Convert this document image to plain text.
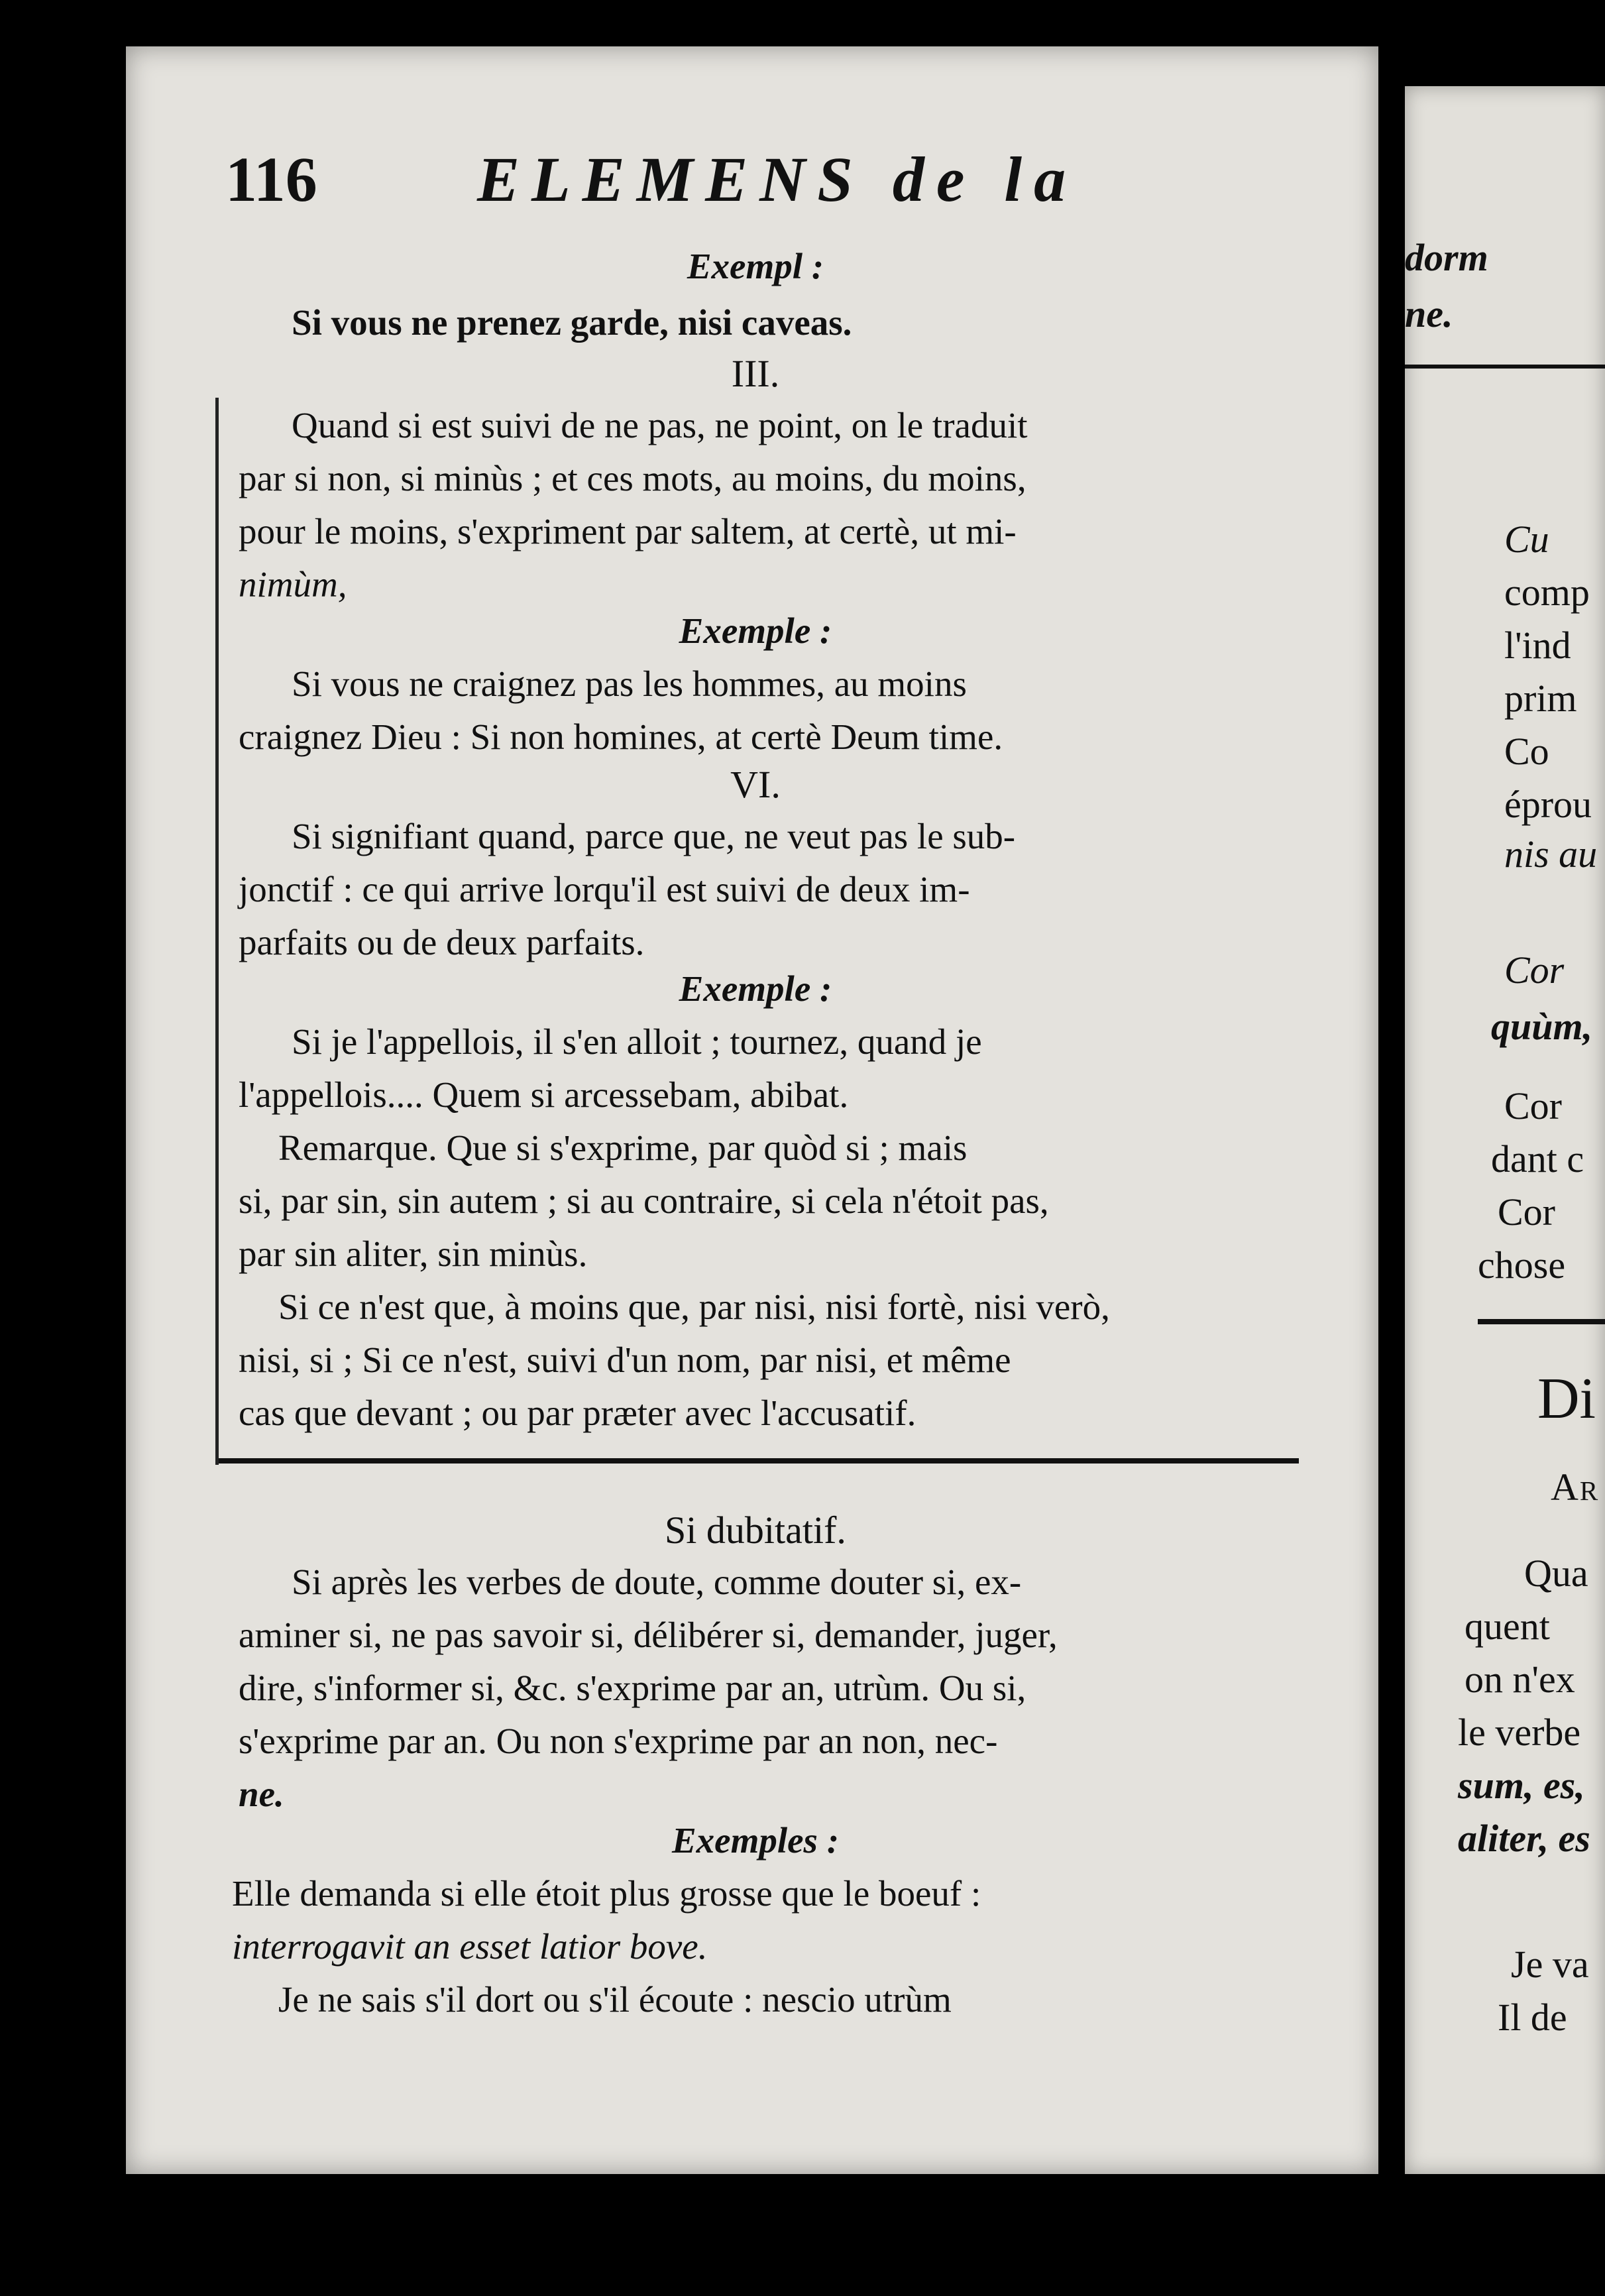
dorm
ne.
Cu
comp
l'ind
prim
Co
éprou
nis au
Cor
quùm,
Cor
dant c
Cor
chose
Di
Ar
Qua
quent
on n'ex
le verbe
sum, es,
aliter, es
Je va
Il de
116	ELEMENS de la
Exempl :
Si vous ne prenez garde, nisi caveas.
III.
Quand si est suivi de ne pas, ne point, on le traduit
par si non, si minùs ; et ces mots, au moins, du moins,
pour le moins, s'expriment par saltem, at certè, ut mi-
nimùm,
Exemple :
Si vous ne craignez pas les hommes, au moins
craignez Dieu : Si non homines, at certè Deum time.
VI.
Si signifiant quand, parce que, ne veut pas le sub-
jonctif : ce qui arrive lorqu'il est suivi de deux im-
parfaits ou de deux parfaits.
Exemple :
Si je l'appellois, il s'en alloit ; tournez, quand je
l'appellois.... Quem si arcessebam, abibat.
Remarque. Que si s'exprime, par quòd si ; mais
si, par sin, sin autem ; si au contraire, si cela n'étoit pas,
par sin aliter, sin minùs.
Si ce n'est que, à moins que, par nisi, nisi fortè, nisi verò,
nisi, si ; Si ce n'est, suivi d'un nom, par nisi, et même
cas que devant ; ou par præter avec l'accusatif.
Si dubitatif.
Si après les verbes de doute, comme douter si, ex-
aminer si, ne pas savoir si, délibérer si, demander, juger,
dire, s'informer si, &c. s'exprime par an, utrùm. Ou si,
s'exprime par an. Ou non s'exprime par an non, nec-
ne.
Exemples :
Elle demanda si elle étoit plus grosse que le boeuf :
interrogavit an esset latior bove.
Je ne sais s'il dort ou s'il écoute : nescio utrùm
